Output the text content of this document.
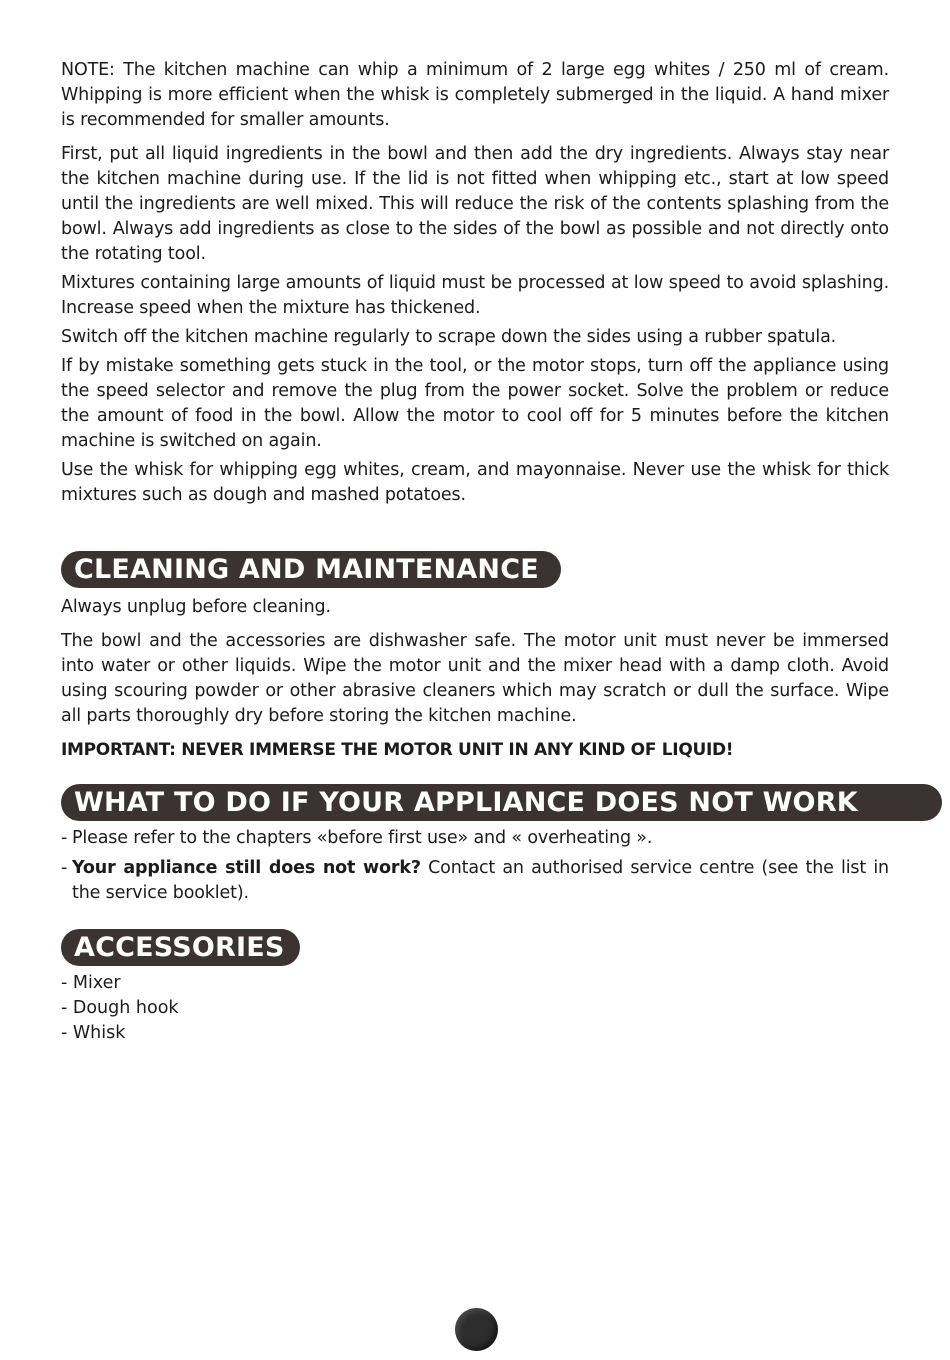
NOTE: The kitchen machine can whip a minimum of 2 large egg whites / 250 ml of cream. Whipping is more efficient when the whisk is completely submerged in the liquid. A hand mixer is recommended for smaller amounts.

First, put all liquid ingredients in the bowl and then add the dry ingredients. Always stay near the kitchen machine during use. If the lid is not fitted when whipping etc., start at low speed until the ingredients are well mixed. This will reduce the risk of the contents splashing from the bowl. Always add ingredients as close to the sides of the bowl as possible and not directly onto the rotating tool.

Mixtures containing large amounts of liquid must be processed at low speed to avoid splashing. Increase speed when the mixture has thickened.

Switch off the kitchen machine regularly to scrape down the sides using a rubber spatula.

If by mistake something gets stuck in the tool, or the motor stops, turn off the appliance using the speed selector and remove the plug from the power socket. Solve the problem or reduce the amount of food in the bowl. Allow the motor to cool off for 5 minutes before the kitchen machine is switched on again.

Use the whisk for whipping egg whites, cream, and mayonnaise. Never use the whisk for thick mixtures such as dough and mashed potatoes.

CLEANING AND MAINTENANCE

Always unplug before cleaning.

The bowl and the accessories are dishwasher safe. The motor unit must never be immersed into water or other liquids. Wipe the motor unit and the mixer head with a damp cloth. Avoid using scouring powder or other abrasive cleaners which may scratch or dull the surface. Wipe all parts thoroughly dry before storing the kitchen machine.

IMPORTANT: NEVER IMMERSE THE MOTOR UNIT IN ANY KIND OF LIQUID!

WHAT TO DO IF YOUR APPLIANCE DOES NOT WORK
- Please refer to the chapters «before first use» and « overheating ».
- Your appliance still does not work? Contact an authorised service centre (see the list in the service booklet).
ACCESSORIES
- Mixer
- Dough hook
- Whisk
